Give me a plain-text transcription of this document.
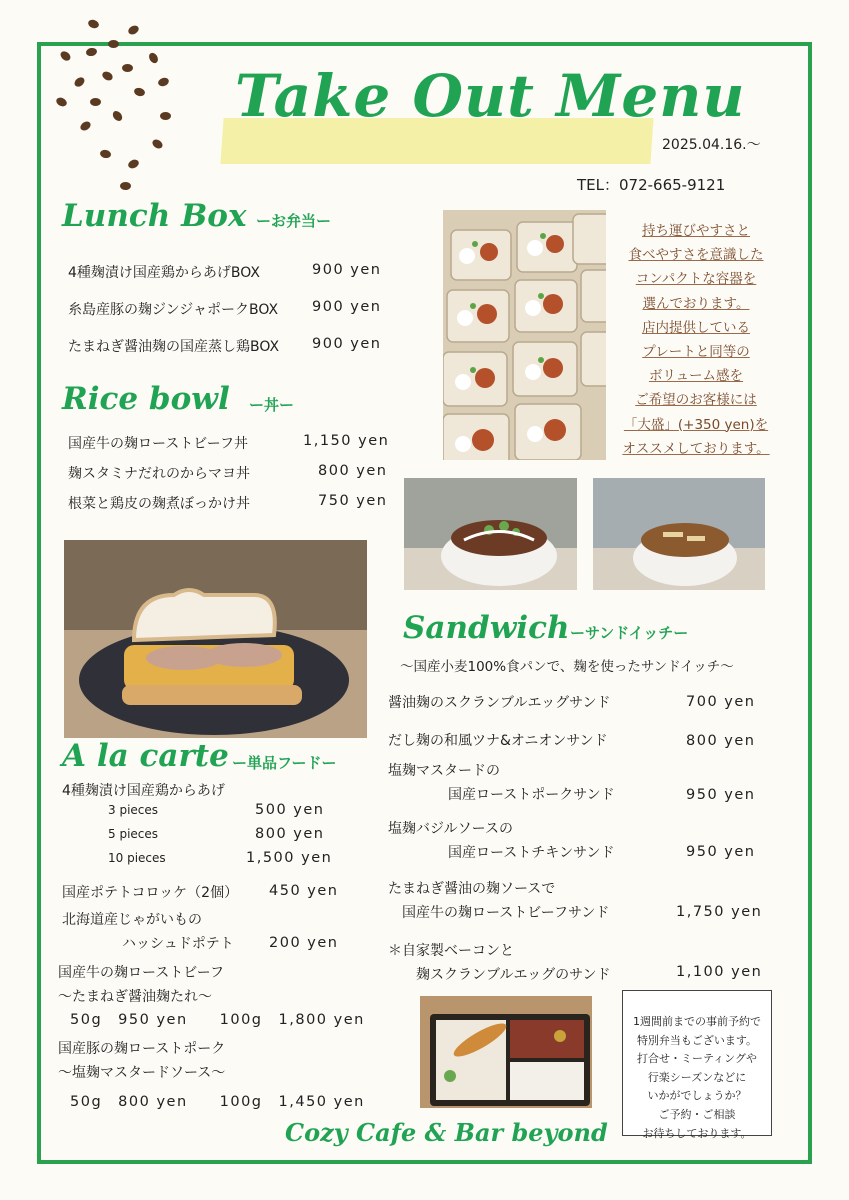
Take Out Menu
2025.04.16.〜
TEL：072-665-9121
Lunch Box ーお弁当ー
4種麹漬け国産鶏からあげBOX	900 yen
糸島産豚の麹ジンジャポークBOX 900 yen
たまねぎ醤油麹の国産蒸し鶏BOX 900 yen
持ち運びやすさと
食べやすさを意識した
コンパクトな容器を
選んでおります。
店内提供している
プレートと同等の
ボリューム感を
ご希望のお客様には
「大盛」(+350 yen)を
オススメしております。
Rice bowl ー丼ー
国産牛の麹ローストビーフ丼	1,150 yen
麹スタミナだれのからマヨ丼	800 yen
根菜と鶏皮の麹煮ぼっかけ丼	750 yen
Sandwich ーサンドイッチー
〜国産小麦100%食パンで、麹を使ったサンドイッチ〜
醤油麹のスクランブルエッグサンド	700 yen
だし麹の和風ツナ&オニオンサンド	800 yen
塩麹マスタードの
国産ローストポークサンド	950 yen
塩麹バジルソースの
国産ローストチキンサンド	950 yen
たまねぎ醤油の麹ソースで
国産牛の麹ローストビーフサンド	1,750 yen
＊自家製ベーコンと
麹スクランブルエッグのサンド	1,100 yen
A la carte ー単品フードー
4種麹漬け国産鶏からあげ
3 pieces	500 yen
5 pieces	800 yen
10 pieces	1,500 yen
国産ポテトコロッケ（2個） 450 yen
北海道産じゃがいもの
ハッシュドポテト 200 yen
国産牛の麹ローストビーフ
〜たまねぎ醤油麹たれ〜
50g　950 yen　　100g　1,800 yen
国産豚の麹ローストポーク
〜塩麹マスタードソース〜
50g　800 yen　　100g　1,450 yen
1週間前までの事前予約で
特別弁当もございます。
打合せ・ミーティングや
行楽シーズンなどに
いかがでしょうか？
ご予約・ご相談
お待ちしております。
Cozy Cafe & Bar beyond
